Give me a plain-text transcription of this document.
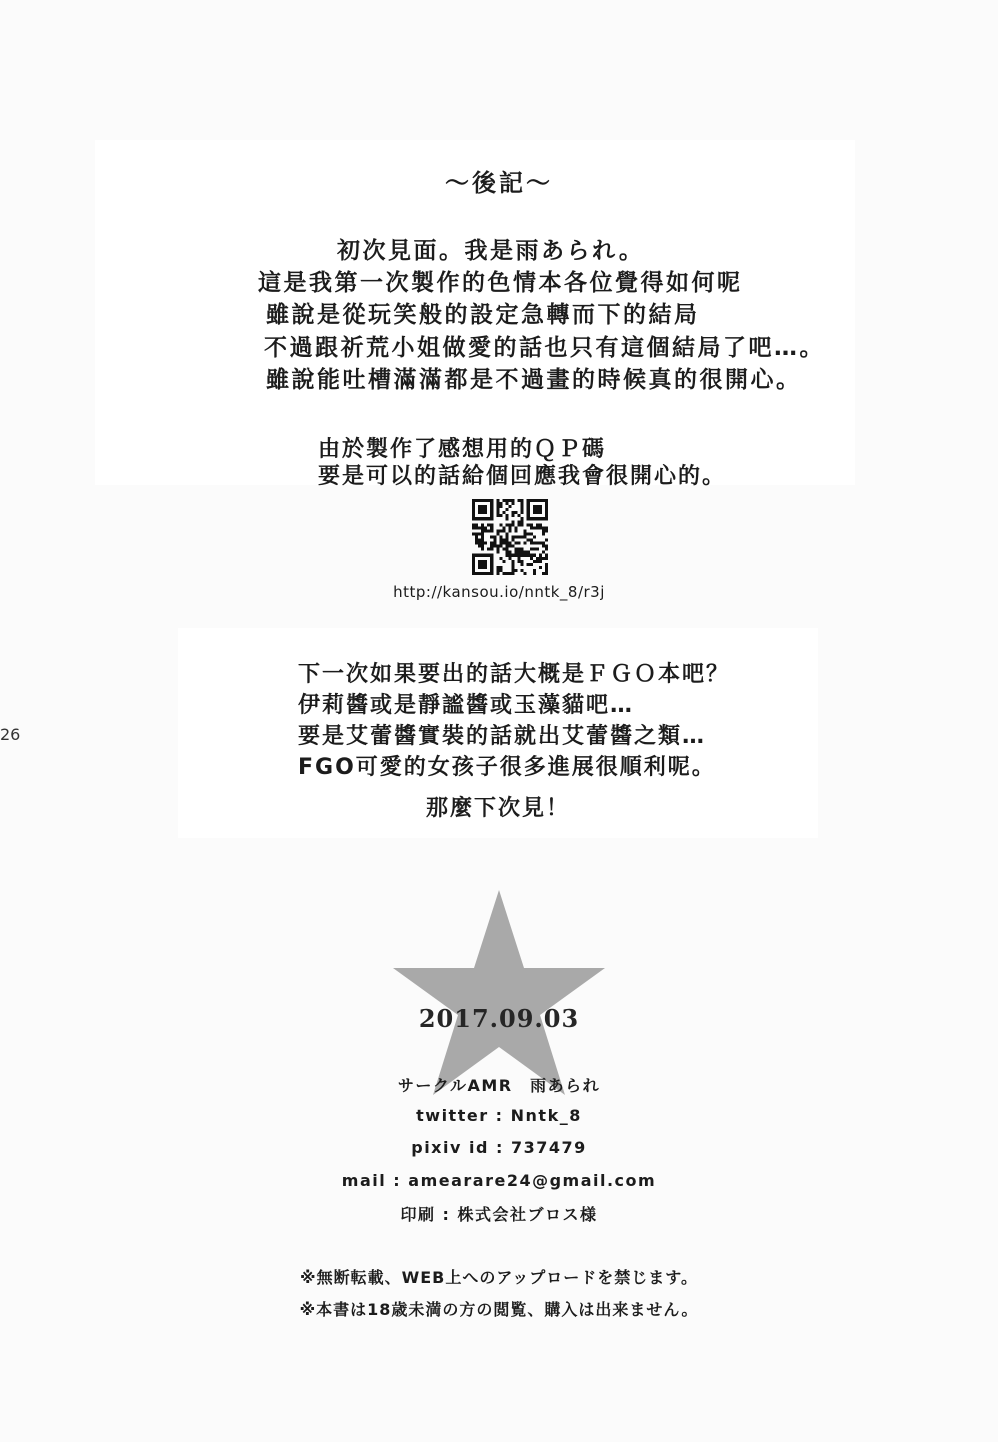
～後記～
初次見面。我是雨あられ。
這是我第一次製作的色情本各位覺得如何呢
雖說是從玩笑般的設定急轉而下的結局
不過跟祈荒小姐做愛的話也只有這個結局了吧…。
雖說能吐槽滿滿都是不過畫的時候真的很開心。
由於製作了感想用的ＱＰ碼
要是可以的話給個回應我會很開心的。
http://kansou.io/nntk_8/r3j
下一次如果要出的話大概是ＦＧＯ本吧？
伊莉醬或是靜謐醬或玉藻貓吧…
要是艾蕾醬實裝的話就出艾蕾醬之類…
FGO可愛的女孩子很多進展很順利呢。
那麼下次見！
26
2017.09.03
サークルAMR　雨あられ
twitter : Nntk_8
pixiv id : 737479
mail : amearare24@gmail.com
印刷 : 株式会社ブロス様
※無断転載、WEB上へのアップロードを禁じます。
※本書は18歳未満の方の閲覧、購入は出来ません。
